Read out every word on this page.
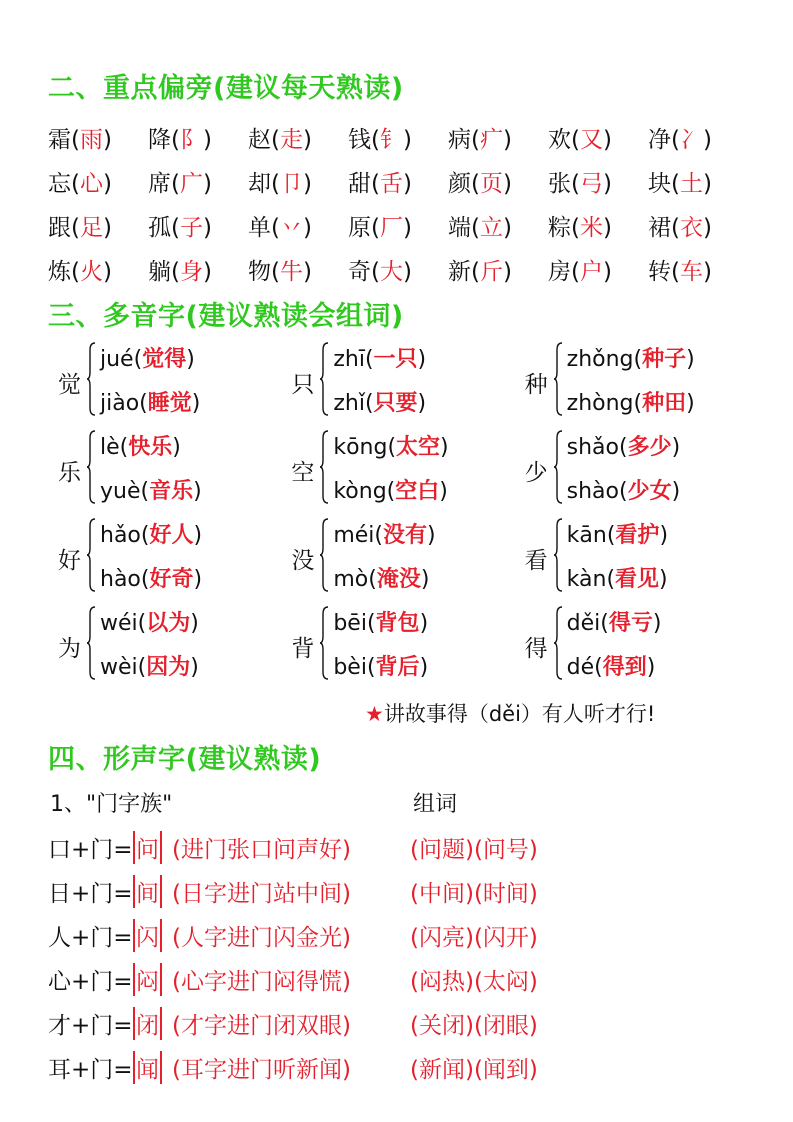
二、重点偏旁(建议每天熟读)
霜(雨)	降(阝)	赵(走)	钱(钅)	病(疒)	欢(又)	净(冫)
忘(心)	席(广)	却(卩)	甜(舌)	颜(页)	张(弓)	块(土)
跟(足)	孤(子)	单(丷)	原(厂)	端(立)	粽(米)	裙(衣)
炼(火)	躺(身)	物(牛)	奇(大)	新(斤)	房(户)	转(车)
三、多音字(建议熟读会组词)
觉
jué(觉得)
jiào(睡觉)
只
zhī(一只)
zhǐ(只要)
种
zhǒng(种子)
zhòng(种田)
乐
lè(快乐)
yuè(音乐)
空
kōng(太空)
kòng(空白)
少
shǎo(多少)
shào(少女)
好
hǎo(好人)
hào(好奇)
没
méi(没有)
mò(淹没)
看
kān(看护)
kàn(看见)
为
wéi(以为)
wèi(因为)
背
bēi(背包)
bèi(背后)
得
děi(得亏)
dé(得到)
★讲故事得（děi）有人听才行!
四、形声字(建议熟读)
1、"门字族"	组词
口+门= 问 (进门张口问声好)	(问题)(问号)
日+门= 间 (日字进门站中间)	(中间)(时间)
人+门= 闪 (人字进门闪金光)	(闪亮)(闪开)
心+门= 闷 (心字进门闷得慌)	(闷热)(太闷)
才+门= 闭 (才字进门闭双眼)	(关闭)(闭眼)
耳+门= 闻 (耳字进门听新闻)	(新闻)(闻到)
